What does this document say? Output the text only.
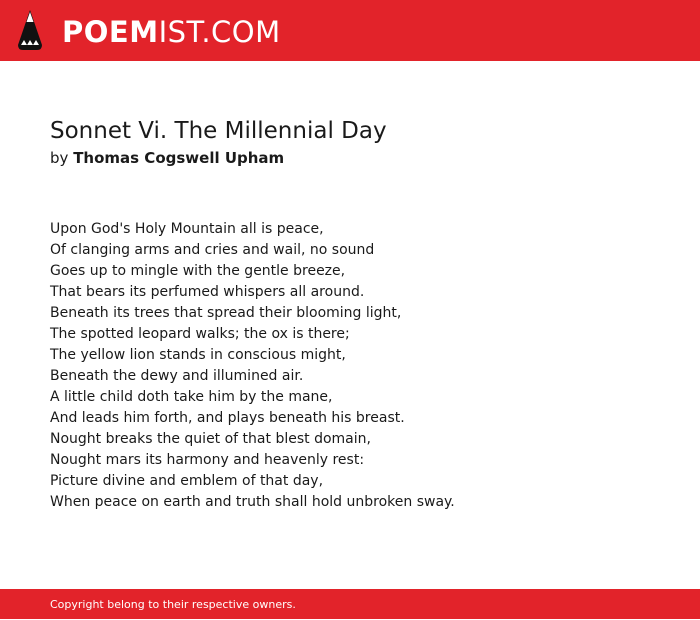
POEMIST.COM
Sonnet Vi. The Millennial Day
by Thomas Cogswell Upham
Upon God's Holy Mountain all is peace,
Of clanging arms and cries and wail, no sound
Goes up to mingle with the gentle breeze,
That bears its perfumed whispers all around.
Beneath its trees that spread their blooming light,
The spotted leopard walks; the ox is there;
The yellow lion stands in conscious might,
Beneath the dewy and illumined air.
A little child doth take him by the mane,
And leads him forth, and plays beneath his breast.
Nought breaks the quiet of that blest domain,
Nought mars its harmony and heavenly rest:
Picture divine and emblem of that day,
When peace on earth and truth shall hold unbroken sway.
Copyright belong to their respective owners.
